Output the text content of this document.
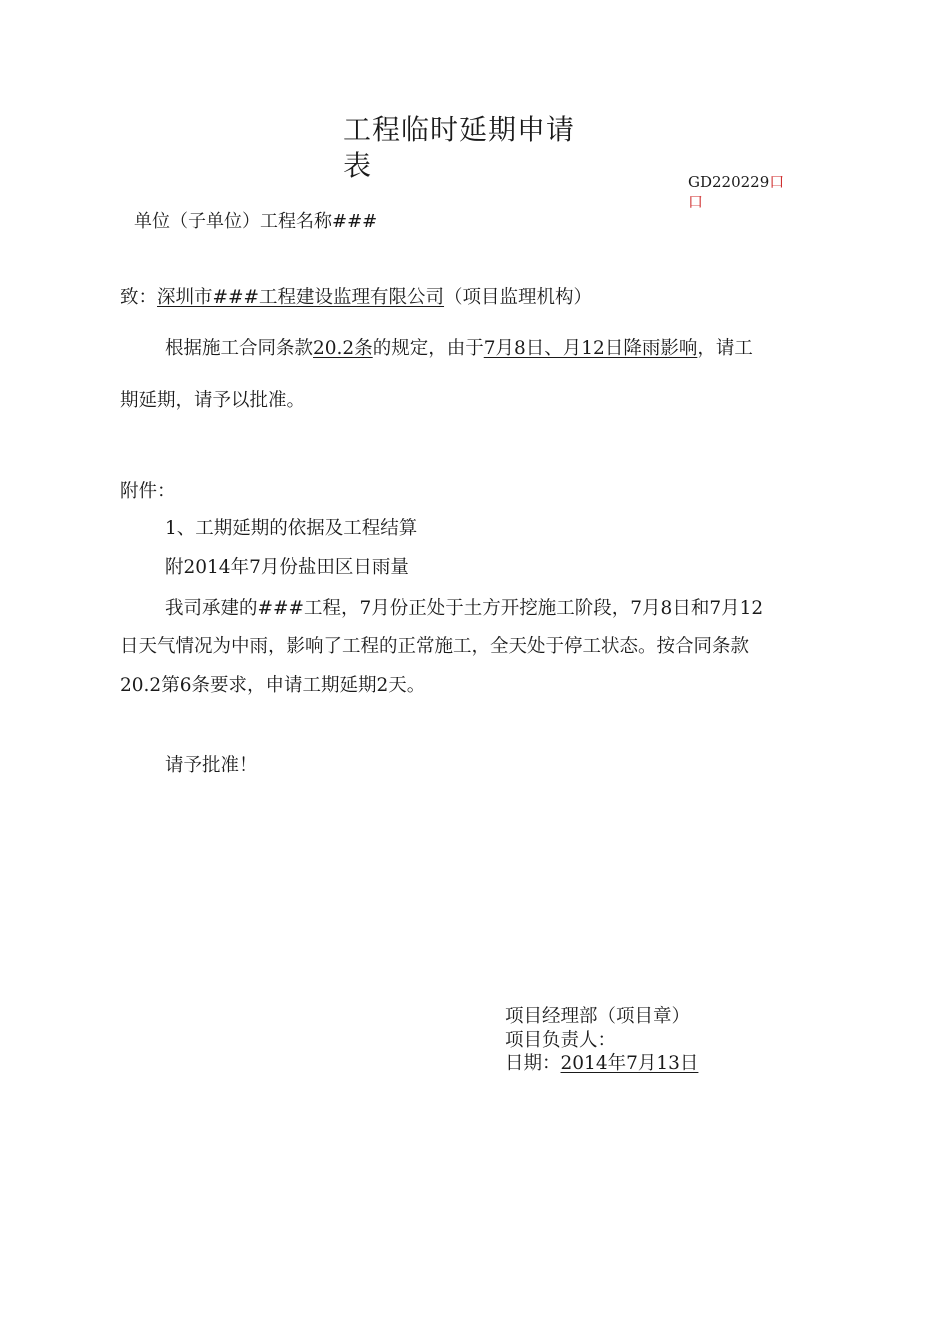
工程临时延期申请表	GD220229口
口
单位（子单位）工程名称###
致：深圳市###工程建设监理有限公司（项目监理机构）
根据施工合同条款20.2条的规定，由于7月8日、月12日降雨影响，请工
期延期，请予以批准。
附件：
1、工期延期的依据及工程结算
附2014年7月份盐田区日雨量
我司承建的###工程，7月份正处于土方开挖施工阶段，7月8日和7月12
日天气情况为中雨，影响了工程的正常施工，全天处于停工状态。按合同条款
20.2第6条要求，申请工期延期2天。
请予批准！
项目经理部（项目章）
项目负责人：
日期：2014年7月13日
